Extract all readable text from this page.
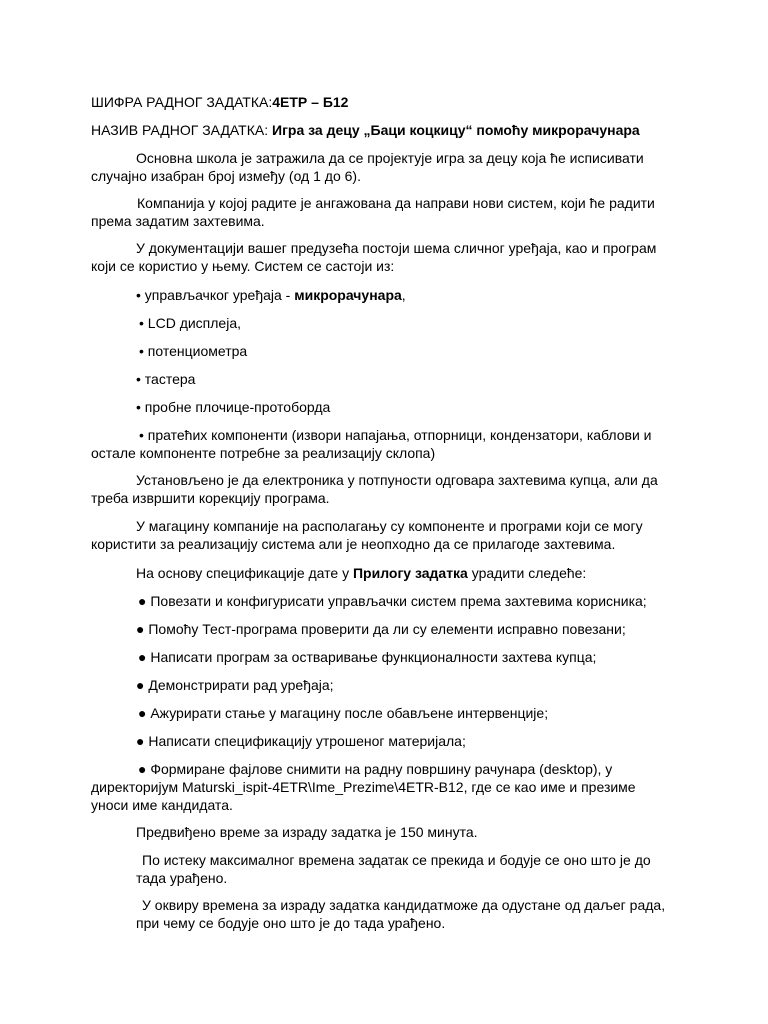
ШИФРА РАДНОГ ЗАДАТКА:4ЕТР – Б12

НАЗИВ РАДНОГ ЗАДАТКА: Игра за децу „Баци коцкицу“ помоћу микрорачунара

Основна школа је затражила да се пројектује игра за децу која ће исписивати
случајно изабран број између (од 1 до 6).
Компанија у којој радите је ангажована да направи нови систем, који ће радити
према задатим захтевима.
У документацији вашег предузећа постоји шема сличног уређаја, као и програм
који се користио у њему. Систем се састоји из:

• управљачког уређаја - микрорачунара,

• LCD дисплеја,

• потенциометра

• тастера

• пробне плочице-протоборда

• пратећих компоненти (извори напајања, отпорници, кондензатори, каблови и
остале компоненте потребне за реализацију склопа)
Установљено је да електроника у потпуности одговара захтевима купца, али да
треба извршити корекцију програма.
У магацину компаније на располагању су компоненте и програми који се могу
користити за реализацију система али је неопходно да се прилагоде захтевима.

На основу спецификације дате у Прилогу задатка урадити следеће:

● Повезати и конфигурисати управљачки систем према захтевима корисника;

● Помоћу Тест-програма проверити да ли су елементи исправно повезани;

● Написати програм за остваривање функционалности захтева купца;

● Демонстрирати рад уређаја;

● Ажурирати стање у магацину после обављене интервенције;

● Написати спецификацију утрошеног материјала;

● Формиране фајлове снимити на радну површину рачунара (desktop), у
директоријум Maturski_ispit-4ETR\Ime_Prezime\4ETR-B12, где се као име и презиме
уноси име кандидата.

Предвиђено време за израду задатка је 150 минута.

По истеку максималног времена задатак се прекида и бодује се оно што је до
тада урађено.
У оквиру времена за израду задатка кандидатможе да одустане од даљег рада,
при чему се бодује оно што је до тада урађено.
